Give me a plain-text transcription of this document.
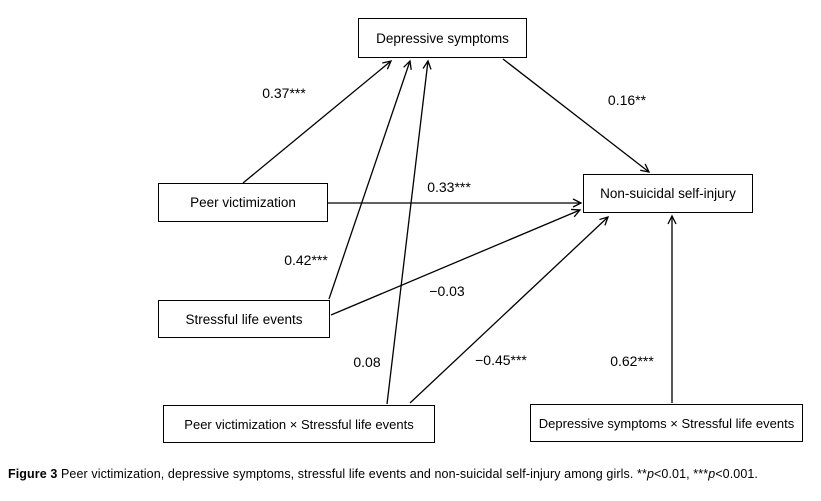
Depressive symptoms
Peer victimization
Stressful life events
Peer victimization × Stressful life events
Non-suicidal self-injury
Depressive symptoms × Stressful life events
0.37***	0.16**
0.33***
0.42***
−0.03
0.08	−0.45***	0.62***
Figure 3 Peer victimization, depressive symptoms, stressful life events and non-suicidal self-injury among girls. **p<0.01, ***p<0.001.
